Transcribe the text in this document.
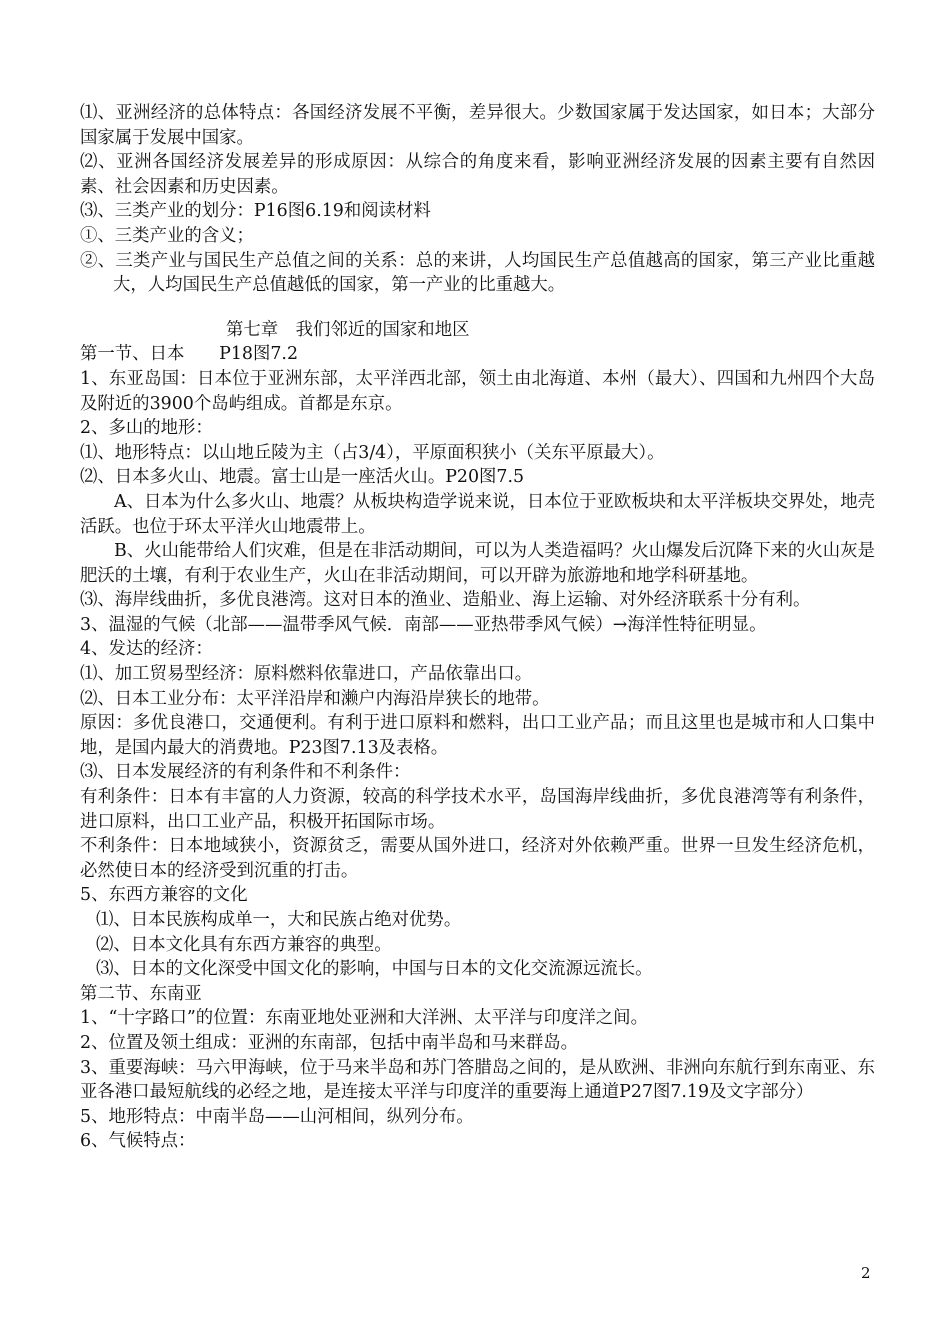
⑴、亚洲经济的总体特点：各国经济发展不平衡，差异很大。少数国家属于发达国家，如日本；大部分国家属于发展中国家。

⑵、亚洲各国经济发展差异的形成原因：从综合的角度来看，影响亚洲经济发展的因素主要有自然因素、社会因素和历史因素。

⑶、三类产业的划分：P16图6.19和阅读材料

①、三类产业的含义；

②、三类产业与国民生产总值之间的关系：总的来讲，人均国民生产总值越高的国家，第三产业比重越大，人均国民生产总值越低的国家，第一产业的比重越大。

第七章　我们邻近的国家和地区

第一节、日本　　P18图7.2

1、东亚岛国：日本位于亚洲东部，太平洋西北部，领土由北海道、本州（最大）、四国和九州四个大岛及附近的3900个岛屿组成。首都是东京。

2、多山的地形：

⑴、地形特点：以山地丘陵为主（占3/4），平原面积狭小（关东平原最大）。

⑵、日本多火山、地震。富士山是一座活火山。P20图7.5

A、日本为什么多火山、地震？从板块构造学说来说，日本位于亚欧板块和太平洋板块交界处，地壳活跃。也位于环太平洋火山地震带上。

B、火山能带给人们灾难，但是在非活动期间，可以为人类造福吗？火山爆发后沉降下来的火山灰是肥沃的土壤，有利于农业生产，火山在非活动期间，可以开辟为旅游地和地学科研基地。

⑶、海岸线曲折，多优良港湾。这对日本的渔业、造船业、海上运输、对外经济联系十分有利。

3、温湿的气候（北部——温带季风气候．南部——亚热带季风气候）→海洋性特征明显。

4、发达的经济：

⑴、加工贸易型经济：原料燃料依靠进口，产品依靠出口。

⑵、日本工业分布：太平洋沿岸和濑户内海沿岸狭长的地带。

原因：多优良港口，交通便利。有利于进口原料和燃料，出口工业产品；而且这里也是城市和人口集中地，是国内最大的消费地。P23图7.13及表格。

⑶、日本发展经济的有利条件和不利条件：

有利条件：日本有丰富的人力资源，较高的科学技术水平，岛国海岸线曲折，多优良港湾等有利条件，进口原料，出口工业产品，积极开拓国际市场。

不利条件：日本地域狭小，资源贫乏，需要从国外进口，经济对外依赖严重。世界一旦发生经济危机，必然使日本的经济受到沉重的打击。

5、东西方兼容的文化

⑴、日本民族构成单一，大和民族占绝对优势。

⑵、日本文化具有东西方兼容的典型。

⑶、日本的文化深受中国文化的影响，中国与日本的文化交流源远流长。

第二节、东南亚

1、“十字路口”的位置：东南亚地处亚洲和大洋洲、太平洋与印度洋之间。

2、位置及领土组成：亚洲的东南部，包括中南半岛和马来群岛。

3、重要海峡：马六甲海峡，位于马来半岛和苏门答腊岛之间的，是从欧洲、非洲向东航行到东南亚、东亚各港口最短航线的必经之地，是连接太平洋与印度洋的重要海上通道P27图7.19及文字部分）

5、地形特点：中南半岛——山河相间，纵列分布。

6、气候特点：

2
